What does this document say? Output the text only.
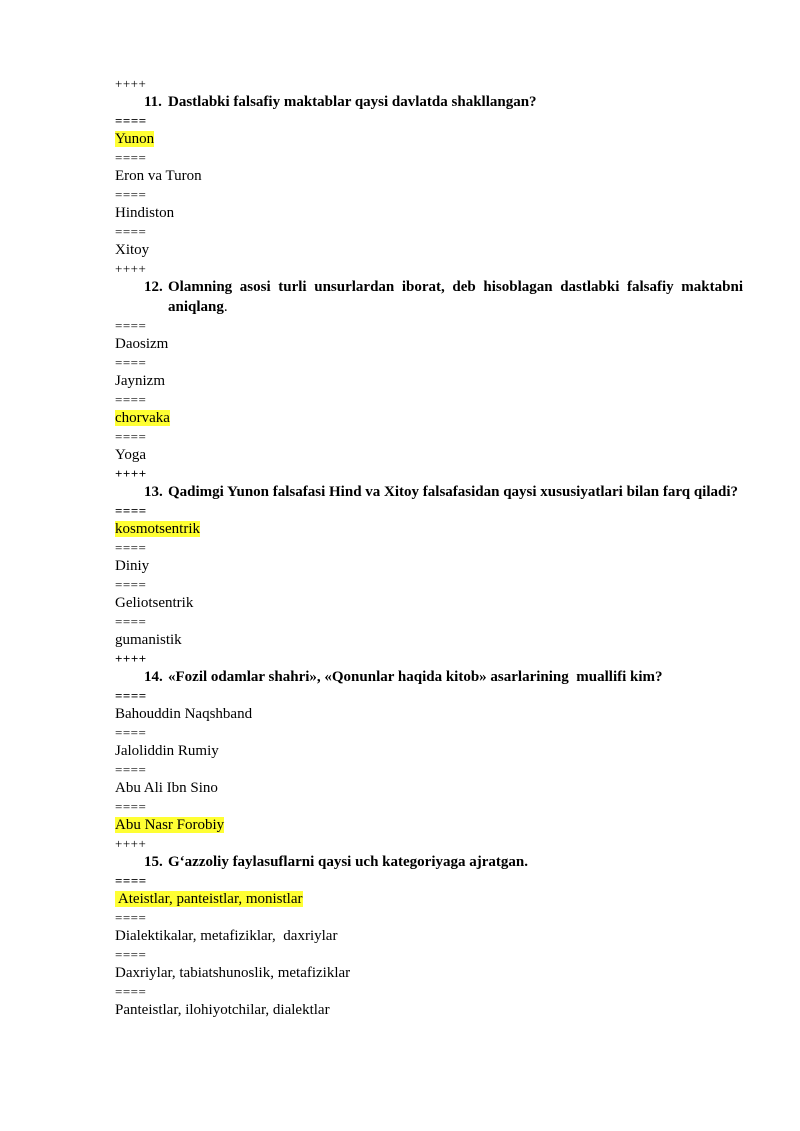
++++
11. Dastlabki falsafiy maktablar qaysi davlatda shakllangan?
====
Yunon
====
Eron va Turon
====
Hindiston
====
Xitoy
++++
12. Olamning asosi turli unsurlardan iborat, deb hisoblagan dastlabki falsafiy maktabni aniqlang.
====
Daosizm
====
Jaynizm
====
chorvaka
====
Yoga
++++
13. Qadimgi Yunon falsafasi Hind va Xitoy falsafasidan qaysi xususiyatlari bilan farq qiladi?
====
kosmotsentrik
====
Diniy
====
Geliotsentrik
====
gumanistik
++++
14. «Fozil odamlar shahri», «Qonunlar haqida kitob» asarlarining  muallifi kim?
====
Bahouddin Naqshband
====
Jaloliddin Rumiy
====
Abu Ali Ibn Sino
====
Abu Nasr Forobiy
++++
15. G‘azzoliy faylasuflarni qaysi uch kategoriyaga ajratgan.
====
Ateistlar, panteistlar, monistlar
====
Dialektikalar, metafiziklar,  daxriylar
====
Daxriylar, tabiatshunoslik, metafiziklar
====
Panteistlar, ilohiyotchilar, dialektlar
